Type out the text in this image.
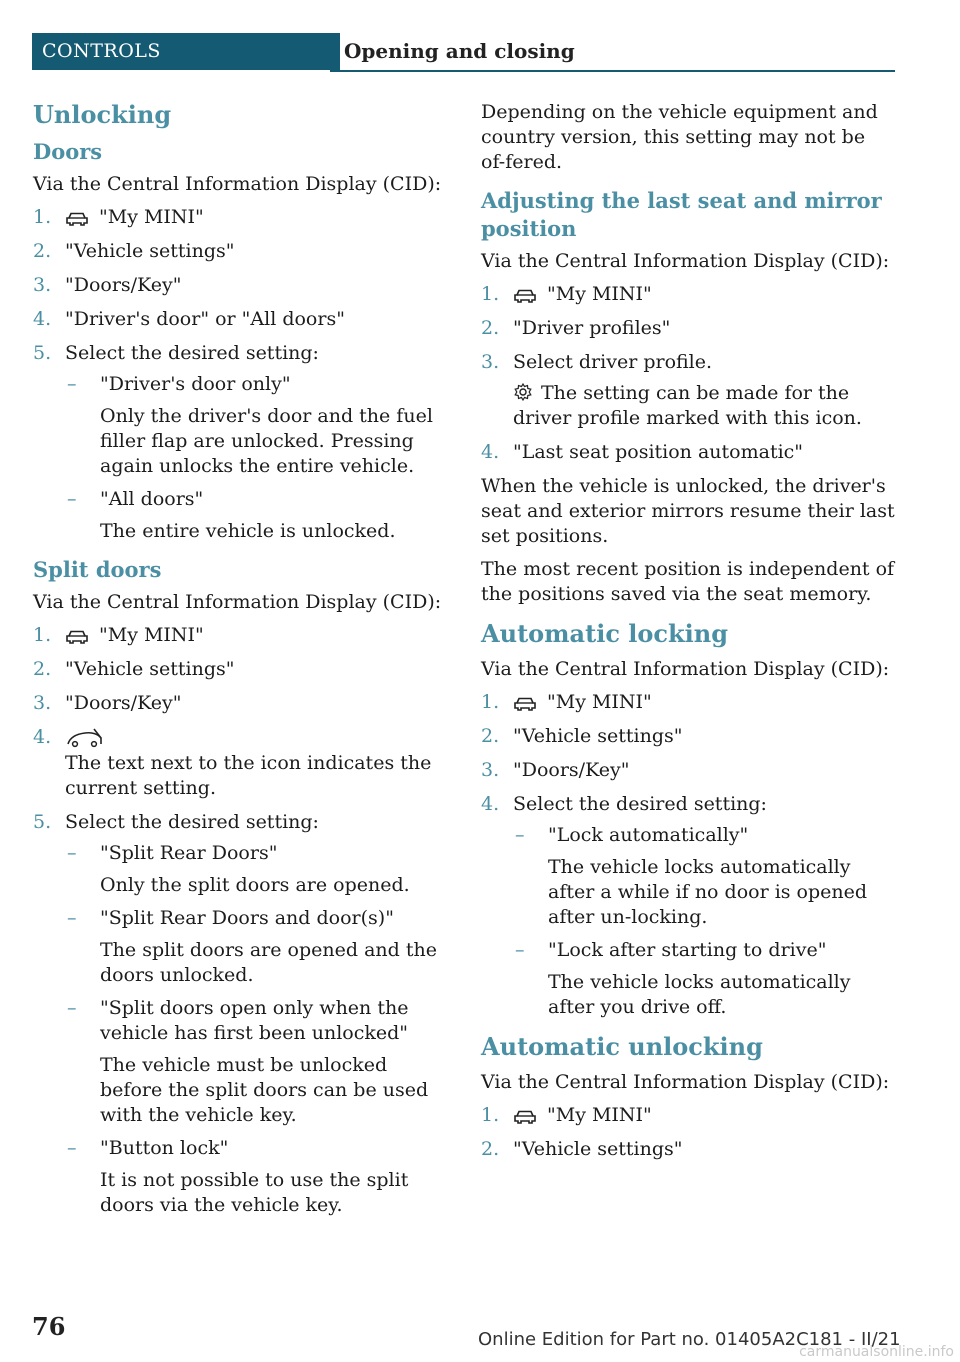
CONTROLS	Opening and closing
Unlocking
Doors

Via the Central Information Display (CID):

1.	"My MINI"
2. "Vehicle settings"
3. "Doors/Key"
4. "Driver's door" or "All doors"
5. Select the desired setting:
– "Driver's door only"
Only the driver's door and the fuel filler flap are unlocked. Pressing again unlocks the entire vehicle.
– "All doors"
The entire vehicle is unlocked.
Split doors

Via the Central Information Display (CID):

1.	"My MINI"
2. "Vehicle settings"
3. "Doors/Key"
4.
The text next to the icon indicates the current setting.
5. Select the desired setting:
– "Split Rear Doors"
Only the split doors are opened.
– "Split Rear Doors and door(s)"
The split doors are opened and the doors unlocked.
– "Split doors open only when the vehicle has first been unlocked"
The vehicle must be unlocked before the split doors can be used with the vehicle key.
– "Button lock"
It is not possible to use the split doors via the vehicle key.

Depending on the vehicle equipment and country version, this setting may not be of-fered.

Adjusting the last seat and mirror position

Via the Central Information Display (CID):

1.	"My MINI"
2. "Driver profiles"
3. Select driver profile.
The setting can be made for the driver profile marked with this icon.
4. "Last seat position automatic"

When the vehicle is unlocked, the driver's seat and exterior mirrors resume their last set positions.

The most recent position is independent of the positions saved via the seat memory.

Automatic locking

Via the Central Information Display (CID):

1.	"My MINI"
2. "Vehicle settings"
3. "Doors/Key"
4. Select the desired setting:
– "Lock automatically"
The vehicle locks automatically after a while if no door is opened after un-locking.
– "Lock after starting to drive"
The vehicle locks automatically after you drive off.
Automatic unlocking

Via the Central Information Display (CID):

1.	"My MINI"
2. "Vehicle settings"
76	Online Edition for Part no. 01405A2C181 - II/21
carmanualsonline.info
